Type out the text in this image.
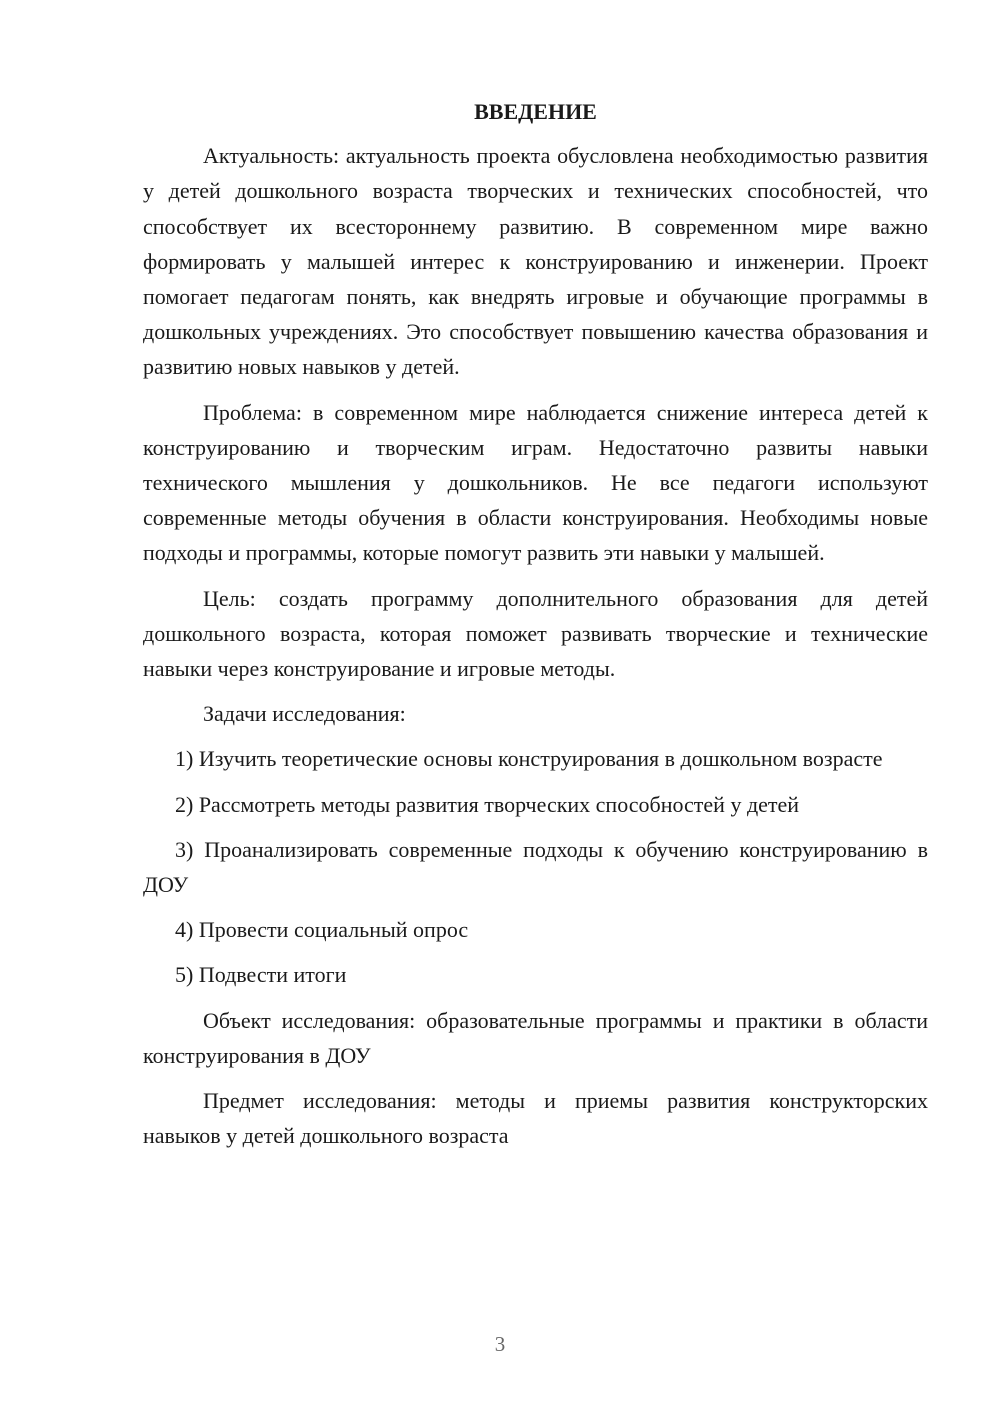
ВВЕДЕНИЕ

Актуальность: актуальность проекта обусловлена необходимостью развития у детей дошкольного возраста творческих и технических способностей, что способствует их всестороннему развитию. В современном мире важно формировать у малышей интерес к конструированию и инженерии. Проект помогает педагогам понять, как внедрять игровые и обучающие программы в дошкольных учреждениях. Это способствует повышению качества образования и развитию новых навыков у детей.

Проблема: в современном мире наблюдается снижение интереса детей к конструированию и творческим играм. Недостаточно развиты навыки технического мышления у дошкольников. Не все педагоги используют современные методы обучения в области конструирования. Необходимы новые подходы и программы, которые помогут развить эти навыки у малышей.

Цель: создать программу дополнительного образования для детей дошкольного возраста, которая поможет развивать творческие и технические навыки через конструирование и игровые методы.

Задачи исследования:

1) Изучить теоретические основы конструирования в дошкольном возрасте

2) Рассмотреть методы развития творческих способностей у детей

3) Проанализировать современные подходы к обучению конструированию в ДОУ

4) Провести социальный опрос

5) Подвести итоги

Объект исследования: образовательные программы и практики в области конструирования в ДОУ

Предмет исследования: методы и приемы развития конструкторских навыков у детей дошкольного возраста

3
